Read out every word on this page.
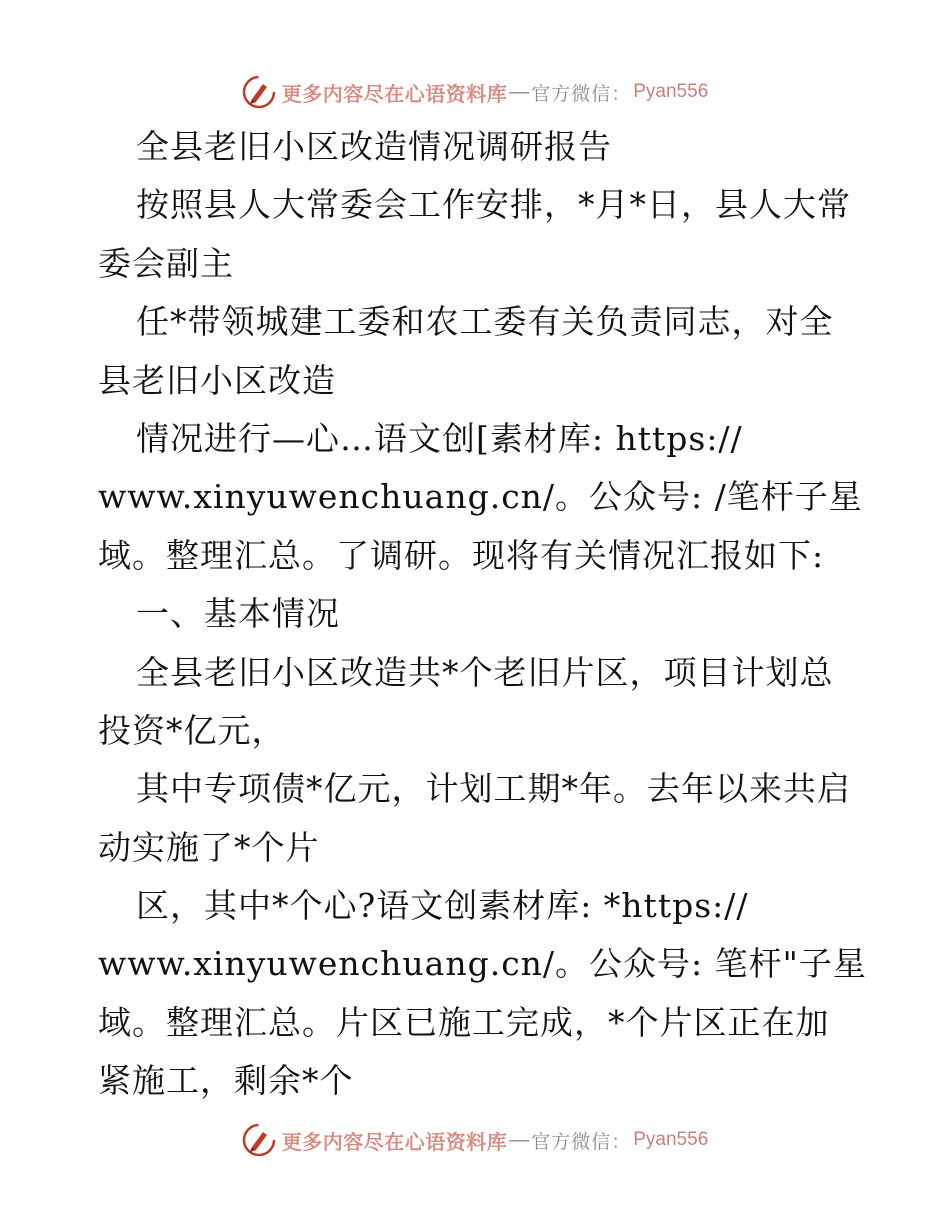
更多内容尽在心语资料库 — 官方微信： Pyan556
全县老旧小区改造情况调研报告
按照县人大常委会工作安排，*月*日，县人大常
委会副主
任*带领城建工委和农工委有关负责同志，对全
县老旧小区改造
情况进行—心…语文创[素材库: https://
www.xinyuwenchuang.cn/。公众号: /笔杆子星
域。整理汇总。了调研。现将有关情况汇报如下:
一、基本情况
全县老旧小区改造共*个老旧片区，项目计划总
投资*亿元，
其中专项债*亿元，计划工期*年。去年以来共启
动实施了*个片
区，其中*个心?语文创素材库: *https://
www.xinyuwenchuang.cn/。公众号: 笔杆"子星
域。整理汇总。片区已施工完成，*个片区正在加
紧施工，剩余*个
更多内容尽在心语资料库 — 官方微信： Pyan556
